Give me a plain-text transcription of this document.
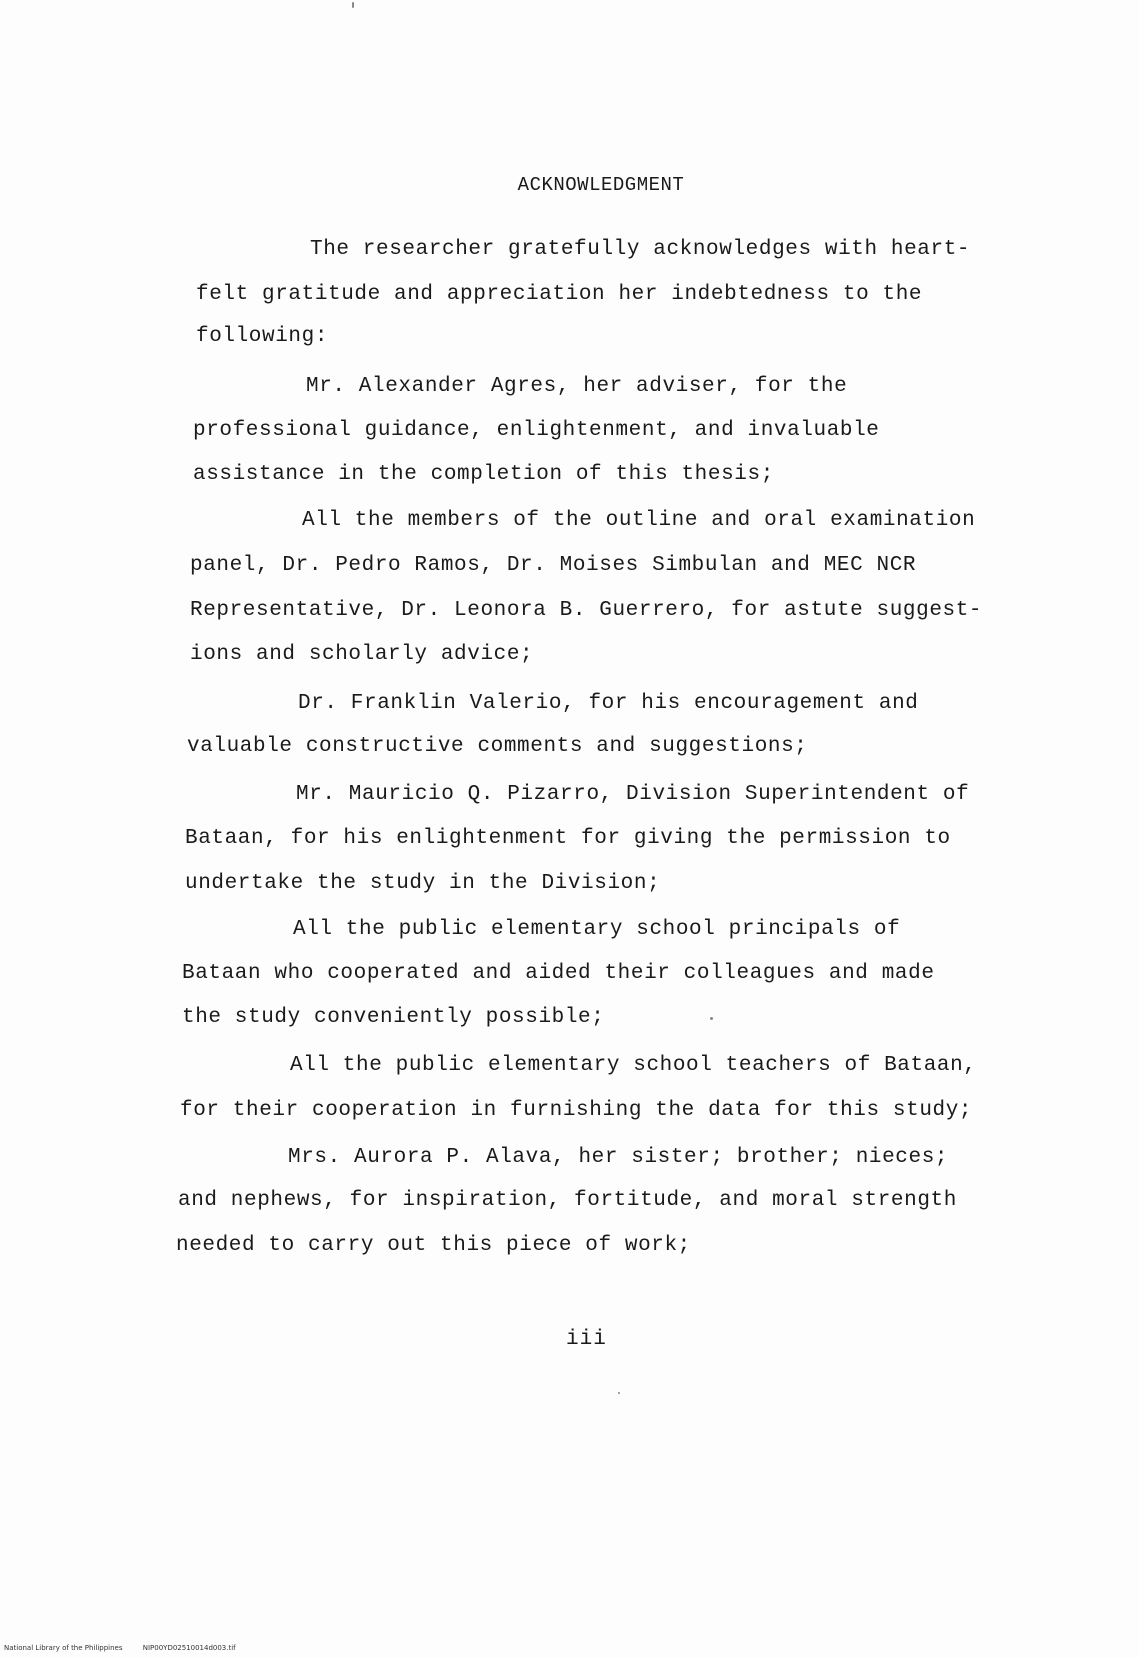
ACKNOWLEDGMENT

The researcher gratefully acknowledges with heart-

felt gratitude and appreciation her indebtedness to the

following:

Mr. Alexander Agres, her adviser, for the

professional guidance, enlightenment, and invaluable

assistance in the completion of this thesis;

All the members of the outline and oral examination

panel, Dr. Pedro Ramos, Dr. Moises Simbulan and MEC NCR

Representative, Dr. Leonora B. Guerrero, for astute suggest-

ions and scholarly advice;

Dr. Franklin Valerio, for his encouragement and

valuable constructive comments and suggestions;

Mr. Mauricio Q. Pizarro, Division Superintendent of

Bataan, for his enlightenment for giving the permission to

undertake the study in the Division;

All the public elementary school principals of

Bataan who cooperated and aided their colleagues and made

the study conveniently possible;

All the public elementary school teachers of Bataan,

for their cooperation in furnishing the data for this study;

Mrs. Aurora P. Alava, her sister; brother; nieces;

and nephews, for inspiration, fortitude, and moral strength

needed to carry out this piece of work;

iii
National Library of the Philippines	NIP00YD02510014d003.tif
